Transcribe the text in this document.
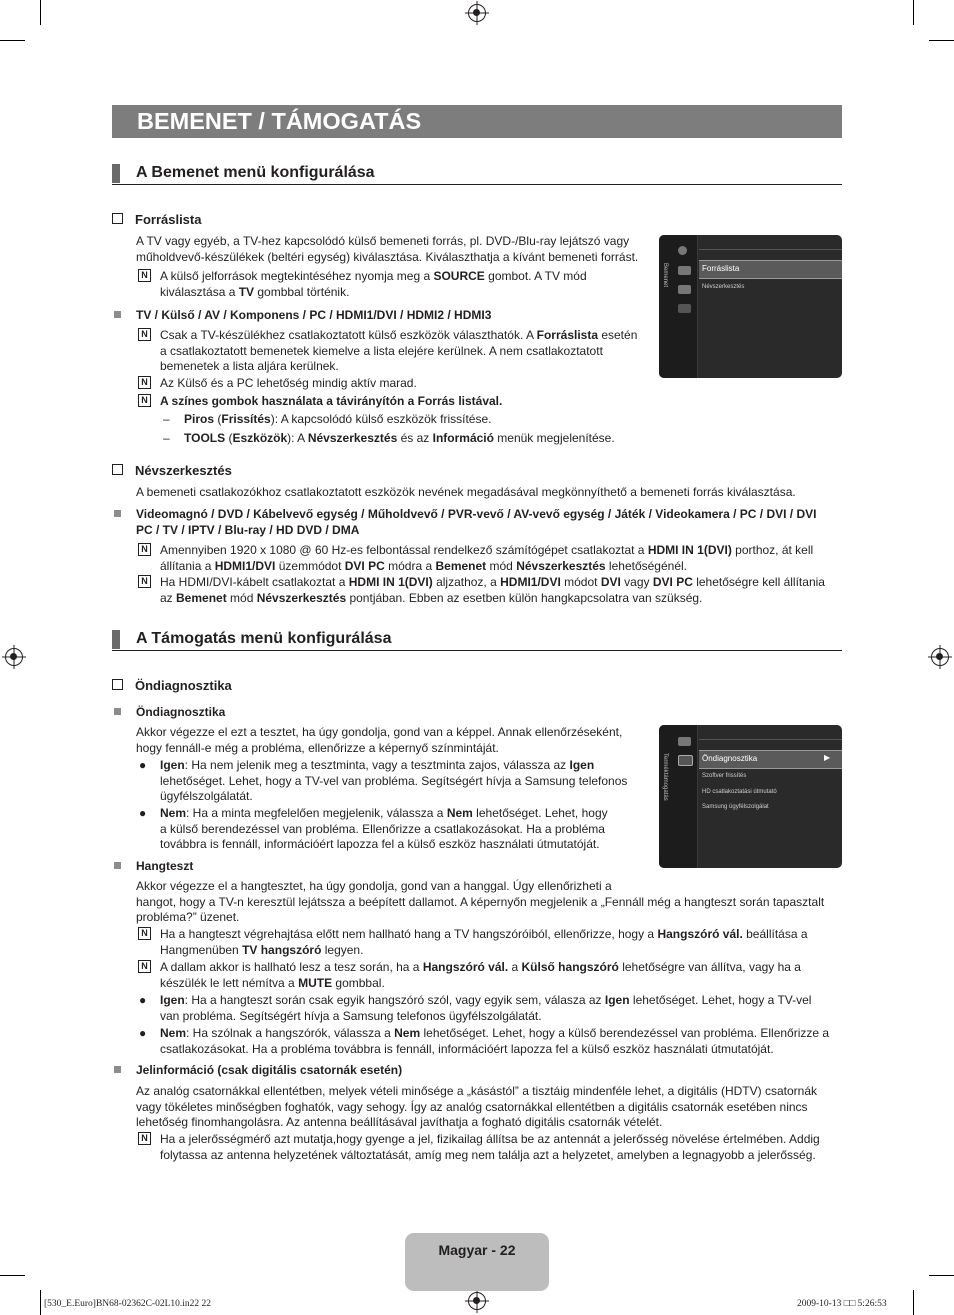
BEMENET / TÁMOGATÁS
A Bemenet menü konfigurálása
Forráslista
A TV vagy egyéb, a TV-hez kapcsolódó külső bemeneti forrás, pl. DVD-/Blu-ray lejátszó vagy
műholdvevő-készülékek (beltéri egység) kiválasztása. Kiválaszthatja a kívánt bemeneti forrást.
N A külső jelforrások megtekintéséhez nyomja meg a SOURCE gombot. A TV mód
kiválasztása a TV gombbal történik.
TV / Külső / AV / Komponens / PC / HDMI1/DVI / HDMI2 / HDMI3
N Csak a TV-készülékhez csatlakoztatott külső eszközök választhatók. A Forráslista esetén
a csatlakoztatott bemenetek kiemelve a lista elejére kerülnek. A nem csatlakoztatott
bemenetek a lista aljára kerülnek.
N Az Külső és a PC lehetőség mindig aktív marad.
N A színes gombok használata a távirányítón a Forrás listával.
– Piros (Frissítés): A kapcsolódó külső eszközök frissítése.
– TOOLS (Eszközök): A Névszerkesztés és az Információ menük megjelenítése.
Bemenet	Forráslista
Névszerkesztés
Névszerkesztés
A bemeneti csatlakozókhoz csatlakoztatott eszközök nevének megadásával megkönnyíthető a bemeneti forrás kiválasztása.
Videomagnó / DVD / Kábelvevő egység / Műholdvevő / PVR-vevő / AV-vevő egység / Játék / Videokamera / PC / DVI / DVI
PC / TV / IPTV / Blu-ray / HD DVD / DMA
N Amennyiben 1920 x 1080 @ 60 Hz-es felbontással rendelkező számítógépet csatlakoztat a HDMI IN 1(DVI) porthoz, át kell
állítania a HDMI1/DVI üzemmódot DVI PC módra a Bemenet mód Névszerkesztés lehetőségénél.
N Ha HDMI/DVI-kábelt csatlakoztat a HDMI IN 1(DVI) aljzathoz, a HDMI1/DVI módot DVI vagy DVI PC lehetőségre kell állítania
az Bemenet mód Névszerkesztés pontjában. Ebben az esetben külön hangkapcsolatra van szükség.
A Támogatás menü konfigurálása
Öndiagnosztika
Öndiagnosztika
Akkor végezze el ezt a tesztet, ha úgy gondolja, gond van a képpel. Annak ellenőrzéseként,
hogy fennáll-e még a probléma, ellenőrizze a képernyő színmintáját.
● Igen: Ha nem jelenik meg a tesztminta, vagy a tesztminta zajos, válassza az Igen
lehetőséget. Lehet, hogy a TV-vel van probléma. Segítségért hívja a Samsung telefonos
ügyfélszolgálatát.
● Nem: Ha a minta megfelelően megjelenik, válassza a Nem lehetőséget. Lehet, hogy
a külső berendezéssel van probléma. Ellenőrizze a csatlakozásokat. Ha a probléma
továbbra is fennáll, információért lapozza fel a külső eszköz használati útmutatóját.
Terméktámogatás	Öndiagnosztika	▶
Szoftver frissítés
HD csatlakoztatási útmutató
Samsung ügyfélszolgálat
Hangteszt
Akkor végezze el a hangtesztet, ha úgy gondolja, gond van a hanggal. Úgy ellenőrizheti a
hangot, hogy a TV-n keresztül lejátssza a beépített dallamot. A képernyőn megjelenik a „Fennáll még a hangteszt során tapasztalt
probléma?” üzenet.
N Ha a hangteszt végrehajtása előtt nem hallható hang a TV hangszóróiból, ellenőrizze, hogy a Hangszóró vál. beállítása a
Hangmenüben TV hangszóró legyen.
N A dallam akkor is hallható lesz a tesz során, ha a Hangszóró vál. a Külső hangszóró lehetőségre van állítva, vagy ha a
készülék le lett némítva a MUTE gombbal.
● Igen: Ha a hangteszt során csak egyik hangszóró szól, vagy egyik sem, válasza az Igen lehetőséget. Lehet, hogy a TV-vel
van probléma. Segítségért hívja a Samsung telefonos ügyfélszolgálatát.
● Nem: Ha szólnak a hangszórók, válassza a Nem lehetőséget. Lehet, hogy a külső berendezéssel van probléma. Ellenőrizze a
csatlakozásokat. Ha a probléma továbbra is fennáll, információért lapozza fel a külső eszköz használati útmutatóját.
Jelinformáció (csak digitális csatornák esetén)
Az analóg csatornákkal ellentétben, melyek vételi minősége a „kásástól” a tisztáig mindenféle lehet, a digitális (HDTV) csatornák
vagy tökéletes minőségben foghatók, vagy sehogy. Így az analóg csatornákkal ellentétben a digitális csatornák esetében nincs
lehetőség finomhangolásra. Az antenna beállításával javíthatja a fogható digitális csatornák vételét.
N Ha a jelerősségmérő azt mutatja,hogy gyenge a jel, fizikailag állítsa be az antennát a jelerősség növelése értelmében. Addig
folytassa az antenna helyzetének változtatását, amíg meg nem találja azt a helyzetet, amelyben a legnagyobb a jelerősség.
Magyar - 22
[530_E.Euro]BN68-02362C-02L10.in22 22	2009-10-13 □□ 5:26:53
